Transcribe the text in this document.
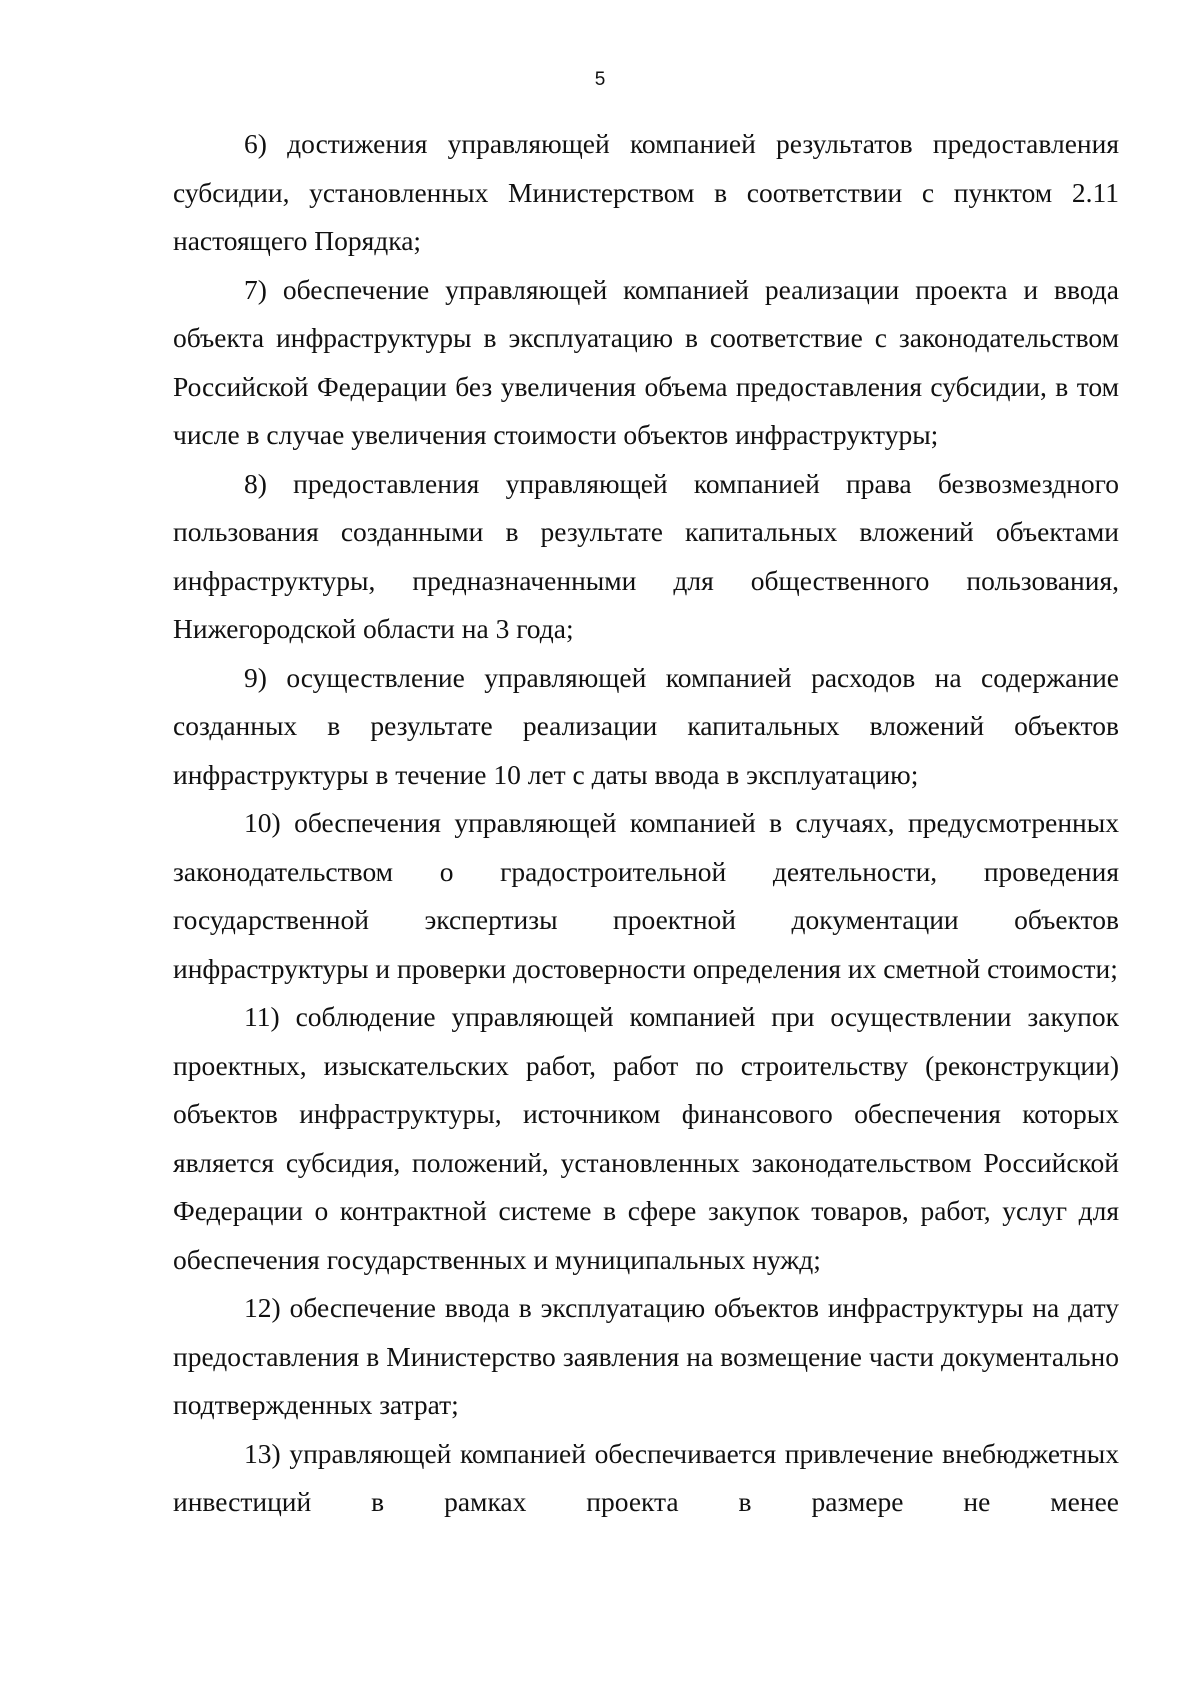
5

6) достижения управляющей компанией результатов предоставления субсидии, установленных Министерством в соответствии с пунктом 2.11 настоящего Порядка;

7) обеспечение управляющей компанией реализации проекта и ввода объекта инфраструктуры в эксплуатацию в соответствие с законодательством Российской Федерации без увеличения объема предоставления субсидии, в том числе в случае увеличения стоимости объектов инфраструктуры;

8) предоставления управляющей компанией права безвозмездного пользования созданными в результате капитальных вложений объектами инфраструктуры, предназначенными для общественного пользования, Нижегородской области на 3 года;

9) осуществление управляющей компанией расходов на содержание созданных в результате реализации капитальных вложений объектов инфраструктуры в течение 10 лет с даты ввода в эксплуатацию;

10) обеспечения управляющей компанией в случаях, предусмотренных законодательством о градостроительной деятельности, проведения государственной экспертизы проектной документации объектов инфраструктуры и проверки достоверности определения их сметной стоимости;

11) соблюдение управляющей компанией при осуществлении закупок проектных, изыскательских работ, работ по строительству (реконструкции) объектов инфраструктуры, источником финансового обеспечения которых является субсидия, положений, установленных законодательством Российской Федерации о контрактной системе в сфере закупок товаров, работ, услуг для обеспечения государственных и муниципальных нужд;

12) обеспечение ввода в эксплуатацию объектов инфраструктуры на дату предоставления в Министерство заявления на возмещение части документально подтвержденных затрат;

13) управляющей компанией обеспечивается привлечение внебюджетных инвестиций в рамках проекта в размере не менее
